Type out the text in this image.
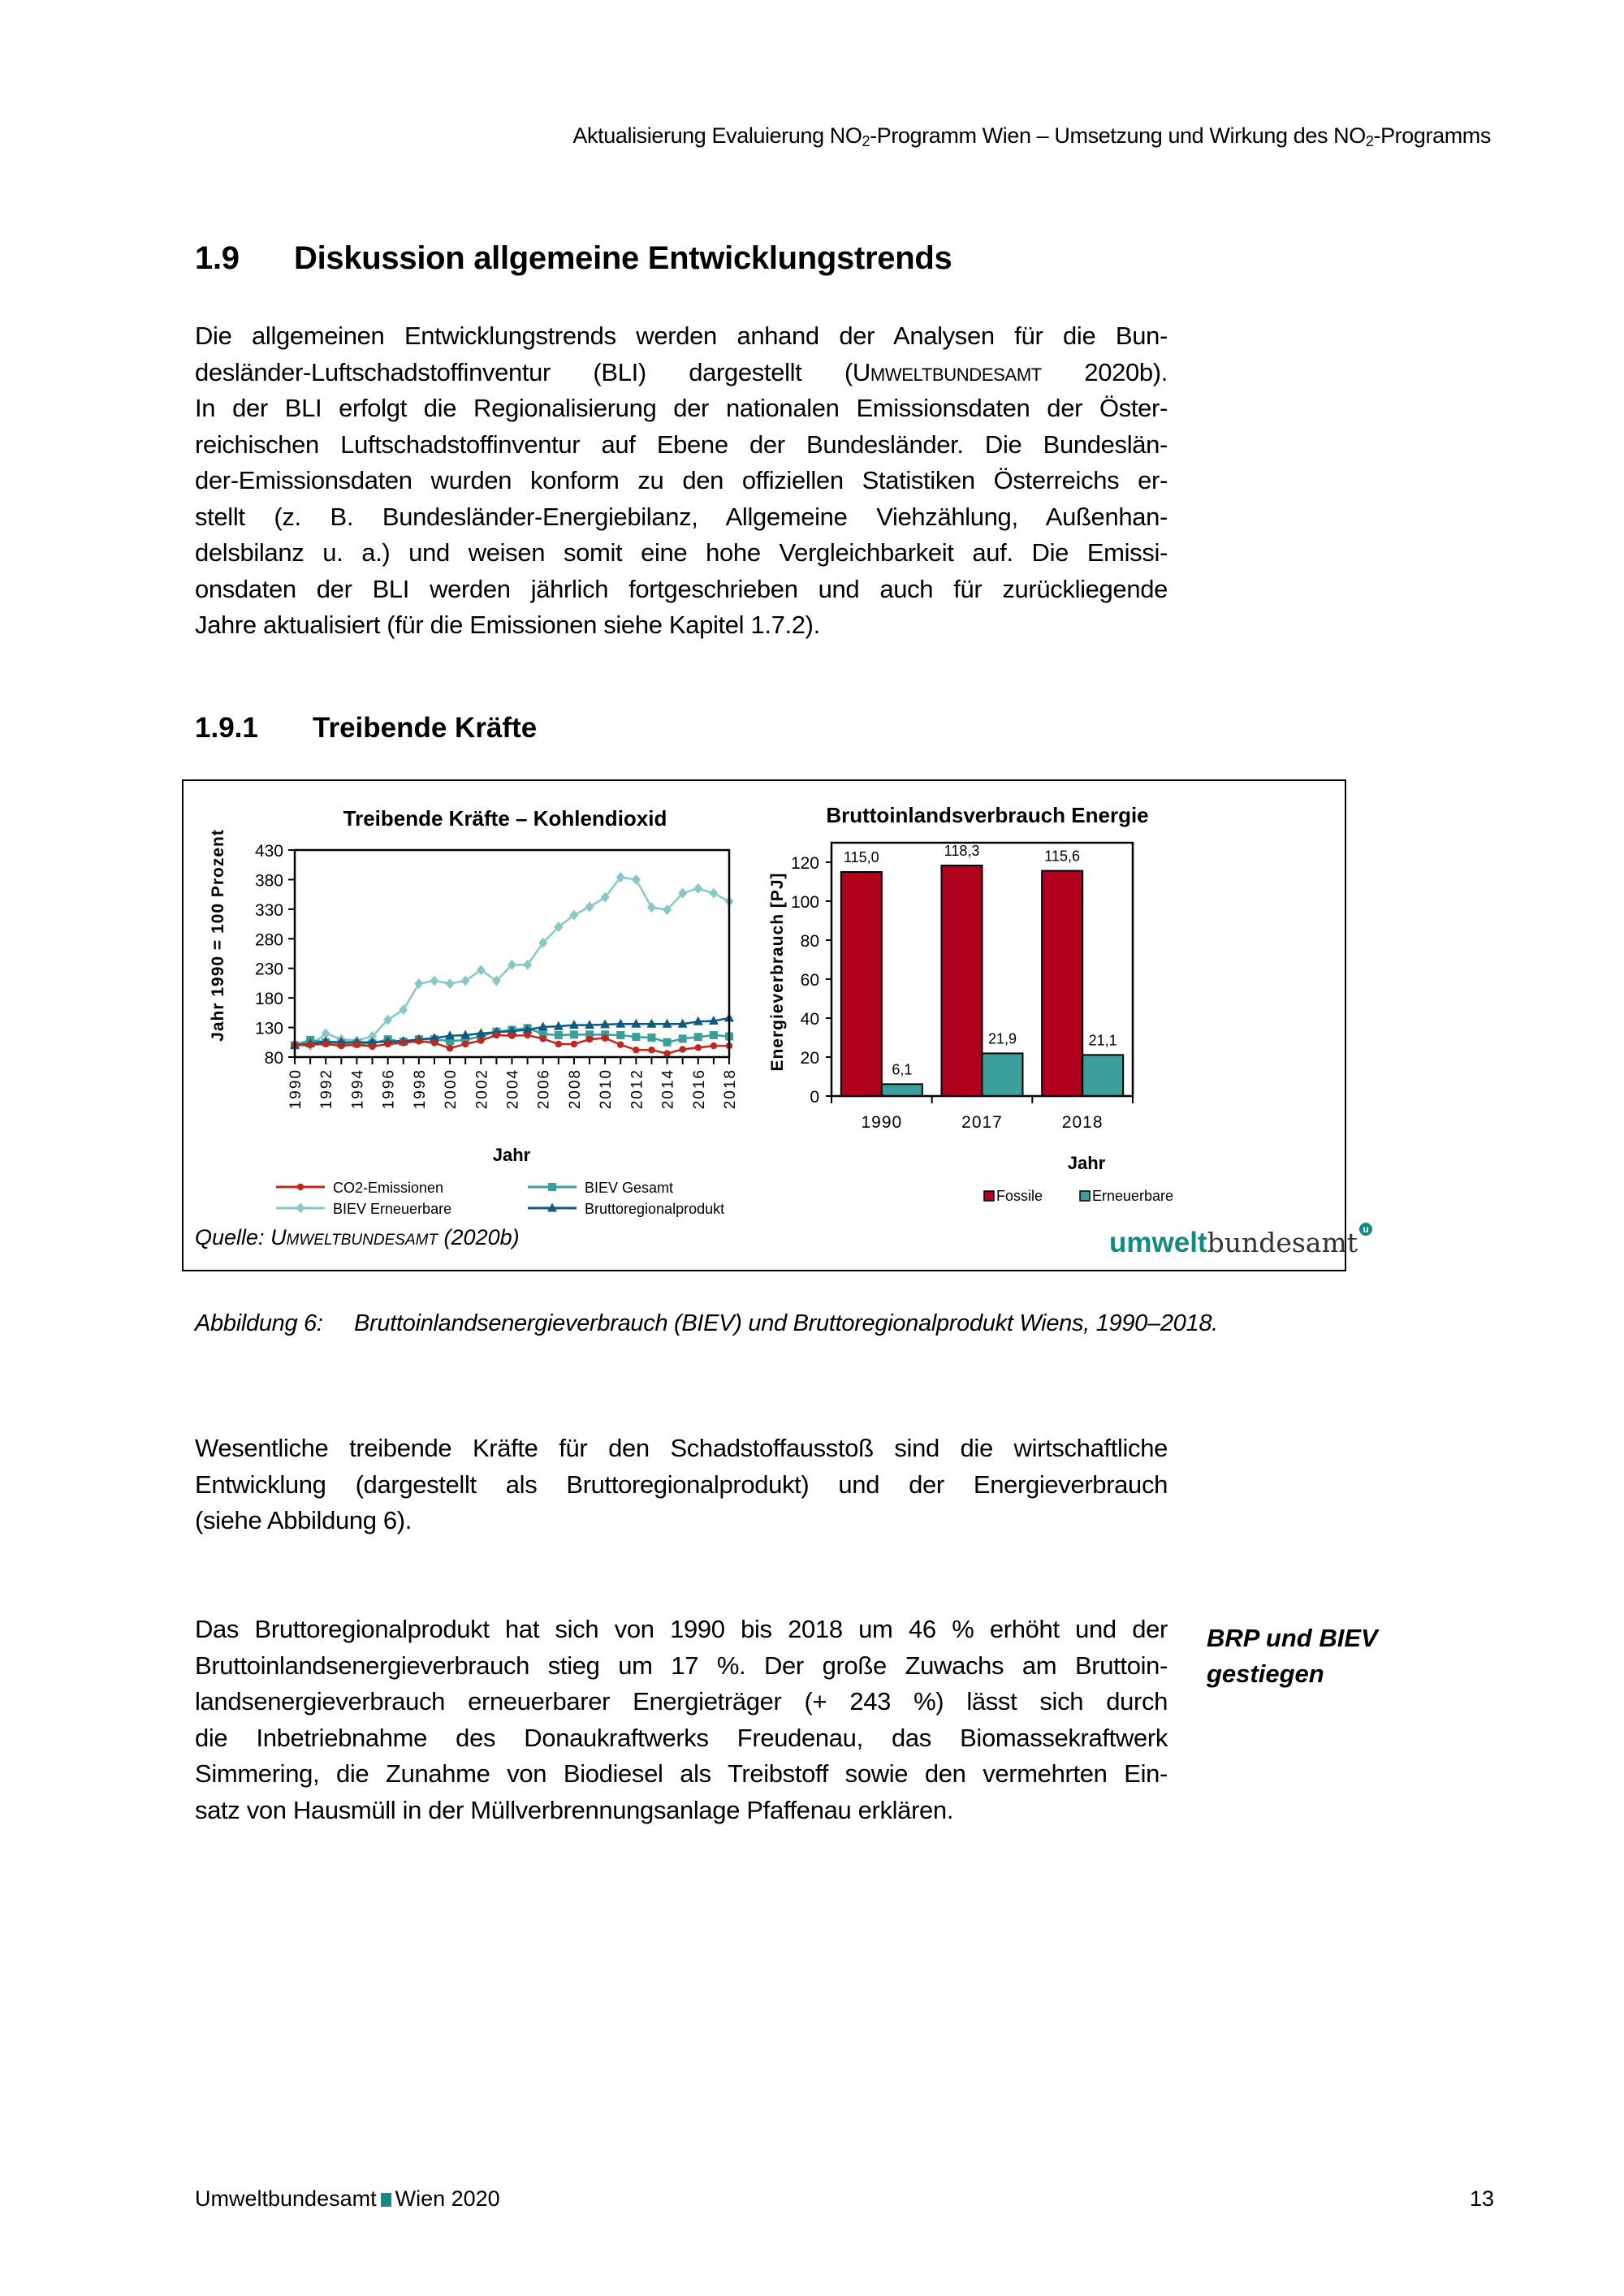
Aktualisierung Evaluierung $NO_2$-Programm Wien – Umsetzung und Wirkung des $NO_2$-Programms
1.9 Diskussion allgemeine Entwicklungstrends
Die allgemeinen Entwicklungstrends werden anhand der Analysen für die Bun-
desländer-Luftschadstoffinventur (BLI) dargestellt (Umweltbundesamt 2020b).
In der BLI erfolgt die Regionalisierung der nationalen Emissionsdaten der Öster-
reichischen Luftschadstoffinventur auf Ebene der Bundesländer. Die Bundeslän-
der-Emissionsdaten wurden konform zu den offiziellen Statistiken Österreichs er-
stellt (z. B. Bundesländer-Energiebilanz, Allgemeine Viehzählung, Außenhan-
delsbilanz u. a.) und weisen somit eine hohe Vergleichbarkeit auf. Die Emissi-
onsdaten der BLI werden jährlich fortgeschrieben und auch für zurückliegende
Jahre aktualisiert (für die Emissionen siehe Kapitel 1.7.2).
1.9.1 Treibende Kräfte
Treibende Kräfte – Kohlendioxid
Jahr 1990 = 100 Prozent
80
130
180
230
280
330
380
430
1990 1992 1994 1996 1998 2000 2002 2004 2006 2008 2010 2012 2014 2016 2018
Jahr
CO2-Emissionen	BIEV Gesamt
BIEV Erneuerbare	Bruttoregionalprodukt
Bruttoinlandsverbrauch Energie
Energieverbrauch [PJ]
0
20
40
60
80
100
120 115,0
6,1
118,3
21,9
115,6
21,1
1990	2017	2018
Jahr
Fossile	Erneuerbare
Quelle: Umweltbundesamt (2020b)	umweltbundesamt u
Abbildung 6: Bruttoinlandsenergieverbrauch (BIEV) und Bruttoregionalprodukt Wiens, 1990–2018.
Wesentliche treibende Kräfte für den Schadstoffausstoß sind die wirtschaftliche
Entwicklung (dargestellt als Bruttoregionalprodukt) und der Energieverbrauch
(siehe Abbildung 6).
Das Bruttoregionalprodukt hat sich von 1990 bis 2018 um 46 % erhöht und der
Bruttoinlandsenergieverbrauch stieg um 17 %. Der große Zuwachs am Bruttoin-
landsenergieverbrauch erneuerbarer Energieträger (+ 243 %) lässt sich durch
die Inbetriebnahme des Donaukraftwerks Freudenau, das Biomassekraftwerk
Simmering, die Zunahme von Biodiesel als Treibstoff sowie den vermehrten Ein-
satz von Hausmüll in der Müllverbrennungsanlage Pfaffenau erklären.
BRP und BIEV
gestiegen
Umweltbundesamt Wien 2020	13
